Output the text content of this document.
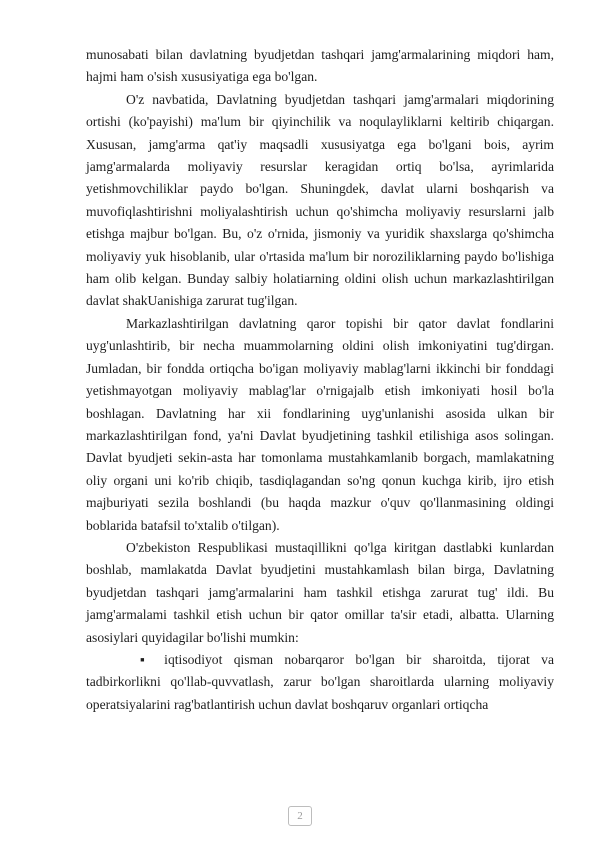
munosabati bilan davlatning byudjetdan tashqari jamg'armalarining miqdori ham, hajmi ham o'sish xususiyatiga ega bo'lgan.

O'z navbatida, Davlatning byudjetdan tashqari jamg'armalari miqdorining ortishi (ko'payishi) ma'lum bir qiyinchilik va noqulayliklarni keltirib chiqargan. Xususan, jamg'arma qat'iy maqsadli xususiyatga ega bo'lgani bois, ayrim jamg'armalarda moliyaviy resurslar keragidan ortiq bo'lsa, ayrimlarida yetishmovchiliklar paydo bo'lgan. Shuningdek, davlat ularni boshqarish va muvofiqlashtirishni moliyalashtirish uchun qo'shimcha moliyaviy resurslarni jalb etishga majbur bo'lgan. Bu, o'z o'rnida, jismoniy va yuridik shaxslarga qo'shimcha moliyaviy yuk hisoblanib, ular o'rtasida ma'lum bir noroziliklarning paydo bo'lishiga ham olib kelgan. Bunday salbiy holatiarning oldini olish uchun markazlashtirilgan davlat shakUanishiga zarurat tug'ilgan.

Markazlashtirilgan davlatning qaror topishi bir qator davlat fondlarini uyg'unlashtirib, bir necha muammolarning oldini olish imkoniyatini tug'dirgan. Jumladan, bir fondda ortiqcha bo'igan moliyaviy mablag'larni ikkinchi bir fonddagi yetishmayotgan moliyaviy mablag'lar o'rnigajalb etish imkoniyati hosil bo'la boshlagan. Davlatning har xii fondlarining uyg'unlanishi asosida ulkan bir markazlashtirilgan fond, ya'ni Davlat byudjetining tashkil etilishiga asos solingan. Davlat byudjeti sekin-asta har tomonlama mustahkamlanib borgach, mamlakatning oliy organi uni ko'rib chiqib, tasdiqlagandan so'ng qonun kuchga kirib, ijro etish majburiyati sezila boshlandi (bu haqda mazkur o'quv qo'llanmasining oldingi boblarida batafsil to'xtalib o'tilgan).

O'zbekiston Respublikasi mustaqillikni qo'lga kiritgan dastlabki kunlardan boshlab, mamlakatda Davlat byudjetini mustahkamlash bilan birga, Davlatning byudjetdan tashqari jamg'armalarini ham tashkil etishga zarurat tug' ildi. Bu jamg'armalami tashkil etish uchun bir qator omillar ta'sir etadi, albatta. Ularning asosiylari quyidagilar bo'lishi mumkin:

▪ iqtisodiyot qisman nobarqaror bo'lgan bir sharoitda, tijorat va tadbirkorlikni qo'llab-quvvatlash, zarur bo'lgan sharoitlarda ularning moliyaviy operatsiyalarini rag'batlantirish uchun davlat boshqaruv organlari ortiqcha

2
